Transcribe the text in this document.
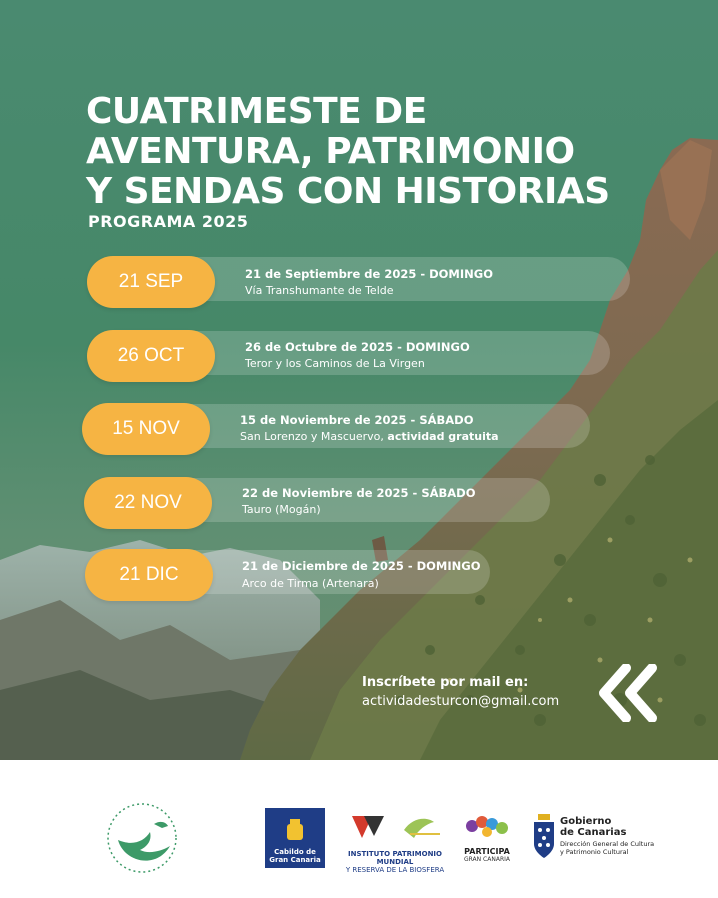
CUATRIMESTE DE
AVENTURA, PATRIMONIO
Y SENDAS CON HISTORIAS
PROGRAMA 2025
21 SEP	21 de Septiembre de 2025 - DOMINGO
Vía Transhumante de Telde
26 OCT	26 de Octubre de 2025 - DOMINGO
Teror y los Caminos de La Virgen
15 NOV	15 de Noviembre de 2025 - SÁBADO
San Lorenzo y Mascuervo, actividad gratuita
22 NOV	22 de Noviembre de 2025 - SÁBADO
Tauro (Mogán)
21 DIC	21 de Diciembre de 2025 - DOMINGO
Arco de Tirma (Artenara)
Inscríbete por mail en:
actividadesturcon@gmail.com
Cabildo de Gran Canaria
INSTITUTO PATRIMONIO MUNDIAL
Y RESERVA DE LA BIOSFERA
PARTICIPA
GRAN CANARIA
Gobierno
de Canarias
Dirección General de Cultura
y Patrimonio Cultural
